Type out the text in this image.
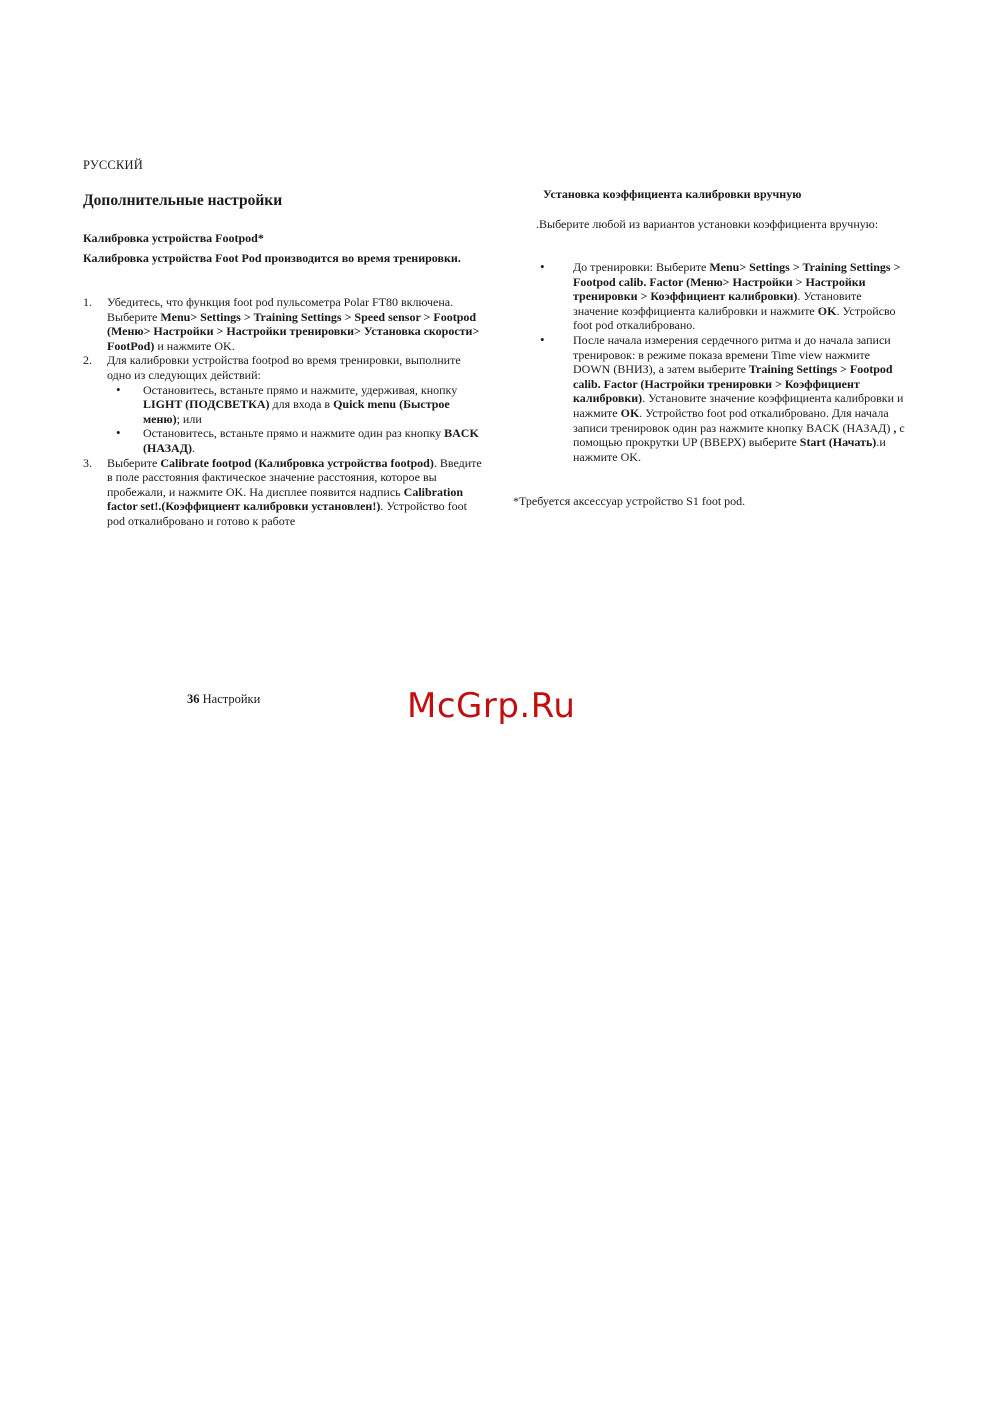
РУССКИЙ
Дополнительные настройки
Калибровка устройства Footpod*
Калибровка устройства Foot Pod производится во время тренировки.
1. Убедитесь, что функция foot pod пульсометра Polar FT80 включена. Выберите Menu> Settings > Training Settings > Speed sensor > Footpod (Меню> Настройки > Настройки тренировки> Установка скорости> FootPod) и нажмите OK.
2. Для калибровки устройства footpod во время тренировки, выполните одно из следующих действий:
• Остановитесь, встаньте прямо и нажмите, удерживая, кнопку LIGHT (ПОДСВЕТКА) для входа в Quick menu (Быстрое меню); или
• Остановитесь, встаньте прямо и нажмите один раз кнопку BACK (НАЗАД).
3. Выберите Calibrate footpod (Калибровка устройства footpod). Введите в поле расстояния фактическое значение расстояния, которое вы пробежали, и нажмите OK. На дисплее появится надпись Calibration factor set!.(Коэффициент калибровки установлен!). Устройство foot pod откалибровано и готово к работе
Установка коэффициента калибровки вручную
.Выберите любой из вариантов установки коэффициента вручную:
• До тренировки: Выберите Menu> Settings > Training Settings > Footpod calib. Factor (Меню> Настройки > Настройки тренировки > Коэффициент калибровки). Установите значение коэффициента калибровки и нажмите OK. Устройсво foot pod откалибровано.
• После начала измерения сердечного ритма и до начала записи тренировок: в режиме показа времени Time view нажмите DOWN (ВНИЗ), а затем выберите Training Settings > Footpod calib. Factor (Настройки тренировки > Коэффициент калибровки). Установите значение коэффициента калибровки и нажмите OK. Устройство foot pod откалибровано. Для начала записи тренировок один раз нажмите кнопку BACK (НАЗАД) , с помощью прокрутки UP (ВВЕРХ) выберите Start (Начать).и нажмите OK.
*Требуется аксессуар устройство S1 foot pod.
36 Настройки	McGrp.Ru
